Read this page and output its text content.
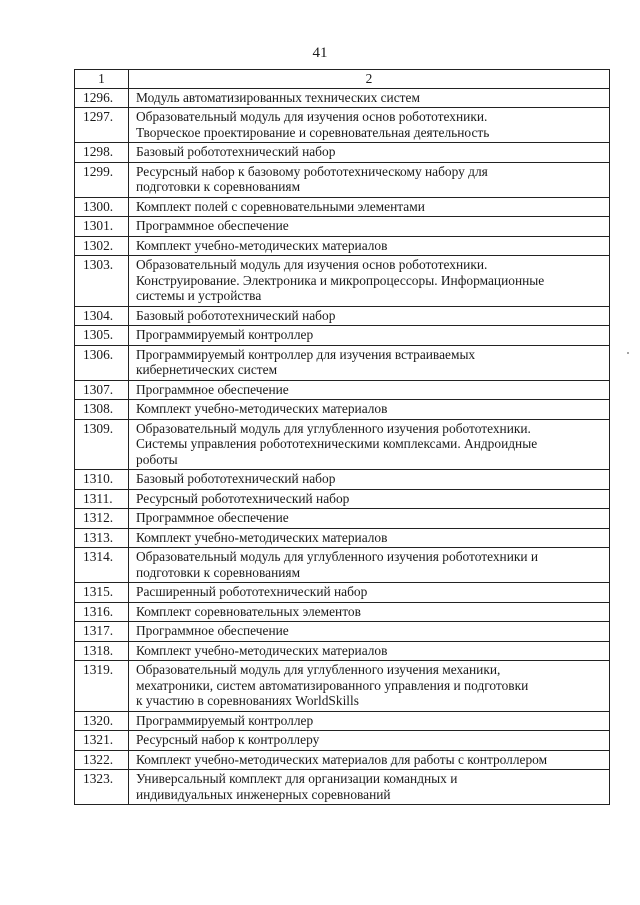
41
1	2
1296.	Модуль автоматизированных технических систем
1297.	Образовательный модуль для изучения основ робототехники.
Творческое проектирование и соревновательная деятельность
1298.	Базовый робототехнический набор
1299.	Ресурсный набор к базовому робототехническому набору для
подготовки к соревнованиям
1300.	Комплект полей с соревновательными элементами
1301.	Программное обеспечение
1302.	Комплект учебно-методических материалов
1303.	Образовательный модуль для изучения основ робототехники.
Конструирование. Электроника и микропроцессоры. Информационные
системы и устройства
1304.	Базовый робототехнический набор
1305.	Программируемый контроллер
1306.	Программируемый контроллер для изучения встраиваемых
кибернетических систем
1307.	Программное обеспечение
1308.	Комплект учебно-методических материалов
1309.	Образовательный модуль для углубленного изучения робототехники.
Системы управления робототехническими комплексами. Андроидные
роботы
1310.	Базовый робототехнический набор
1311.	Ресурсный робототехнический набор
1312.	Программное обеспечение
1313.	Комплект учебно-методических материалов
1314.	Образовательный модуль для углубленного изучения робототехники и
подготовки к соревнованиям
1315.	Расширенный робототехнический набор
1316.	Комплект соревновательных элементов
1317.	Программное обеспечение
1318.	Комплект учебно-методических материалов
1319.	Образовательный модуль для углубленного изучения механики,
мехатроники, систем автоматизированного управления и подготовки
к участию в соревнованиях WorldSkills
1320.	Программируемый контроллер
1321.	Ресурсный набор к контроллеру
1322.	Комплект учебно-методических материалов для работы с контроллером
1323.	Универсальный комплект для организации командных и
индивидуальных инженерных соревнований
